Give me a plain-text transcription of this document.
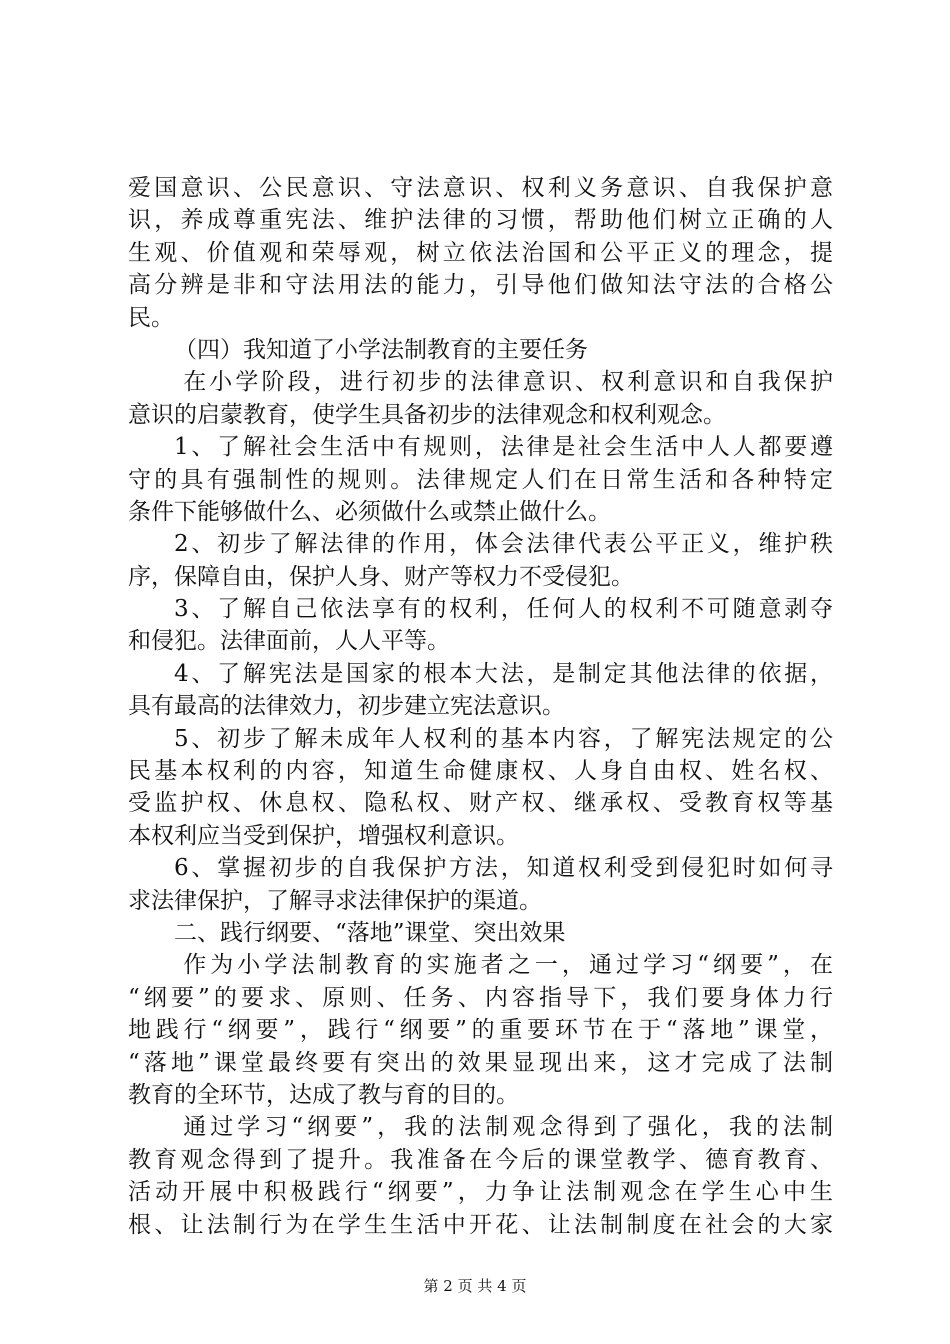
爱国意识、公民意识、守法意识、权利义务意识、自我保护意
识，养成尊重宪法、维护法律的习惯，帮助他们树立正确的人
生观、价值观和荣辱观，树立依法治国和公平正义的理念，提
高分辨是非和守法用法的能力，引导他们做知法守法的合格公
民。
（四）我知道了小学法制教育的主要任务
在小学阶段，进行初步的法律意识、权利意识和自我保护
意识的启蒙教育，使学生具备初步的法律观念和权利观念。
1、了解社会生活中有规则，法律是社会生活中人人都要遵
守的具有强制性的规则。法律规定人们在日常生活和各种特定
条件下能够做什么、必须做什么或禁止做什么。
2、初步了解法律的作用，体会法律代表公平正义，维护秩
序，保障自由，保护人身、财产等权力不受侵犯。
3、了解自己依法享有的权利，任何人的权利不可随意剥夺
和侵犯。法律面前，人人平等。
4、了解宪法是国家的根本大法，是制定其他法律的依据，
具有最高的法律效力，初步建立宪法意识。
5、初步了解未成年人权利的基本内容，了解宪法规定的公
民基本权利的内容，知道生命健康权、人身自由权、姓名权、
受监护权、休息权、隐私权、财产权、继承权、受教育权等基
本权利应当受到保护，增强权利意识。
6、掌握初步的自我保护方法，知道权利受到侵犯时如何寻
求法律保护，了解寻求法律保护的渠道。
二、践行纲要、“落地”课堂、突出效果
作为小学法制教育的实施者之一，通过学习“纲要”，在
“纲要”的要求、原则、任务、内容指导下，我们要身体力行
地践行“纲要”，践行“纲要”的重要环节在于“落地”课堂，
“落地”课堂最终要有突出的效果显现出来，这才完成了法制
教育的全环节，达成了教与育的目的。
通过学习“纲要”，我的法制观念得到了强化，我的法制
教育观念得到了提升。我准备在今后的课堂教学、德育教育、
活动开展中积极践行“纲要”，力争让法制观念在学生心中生
根、让法制行为在学生生活中开花、让法制制度在社会的大家
第 2 页 共 4 页
